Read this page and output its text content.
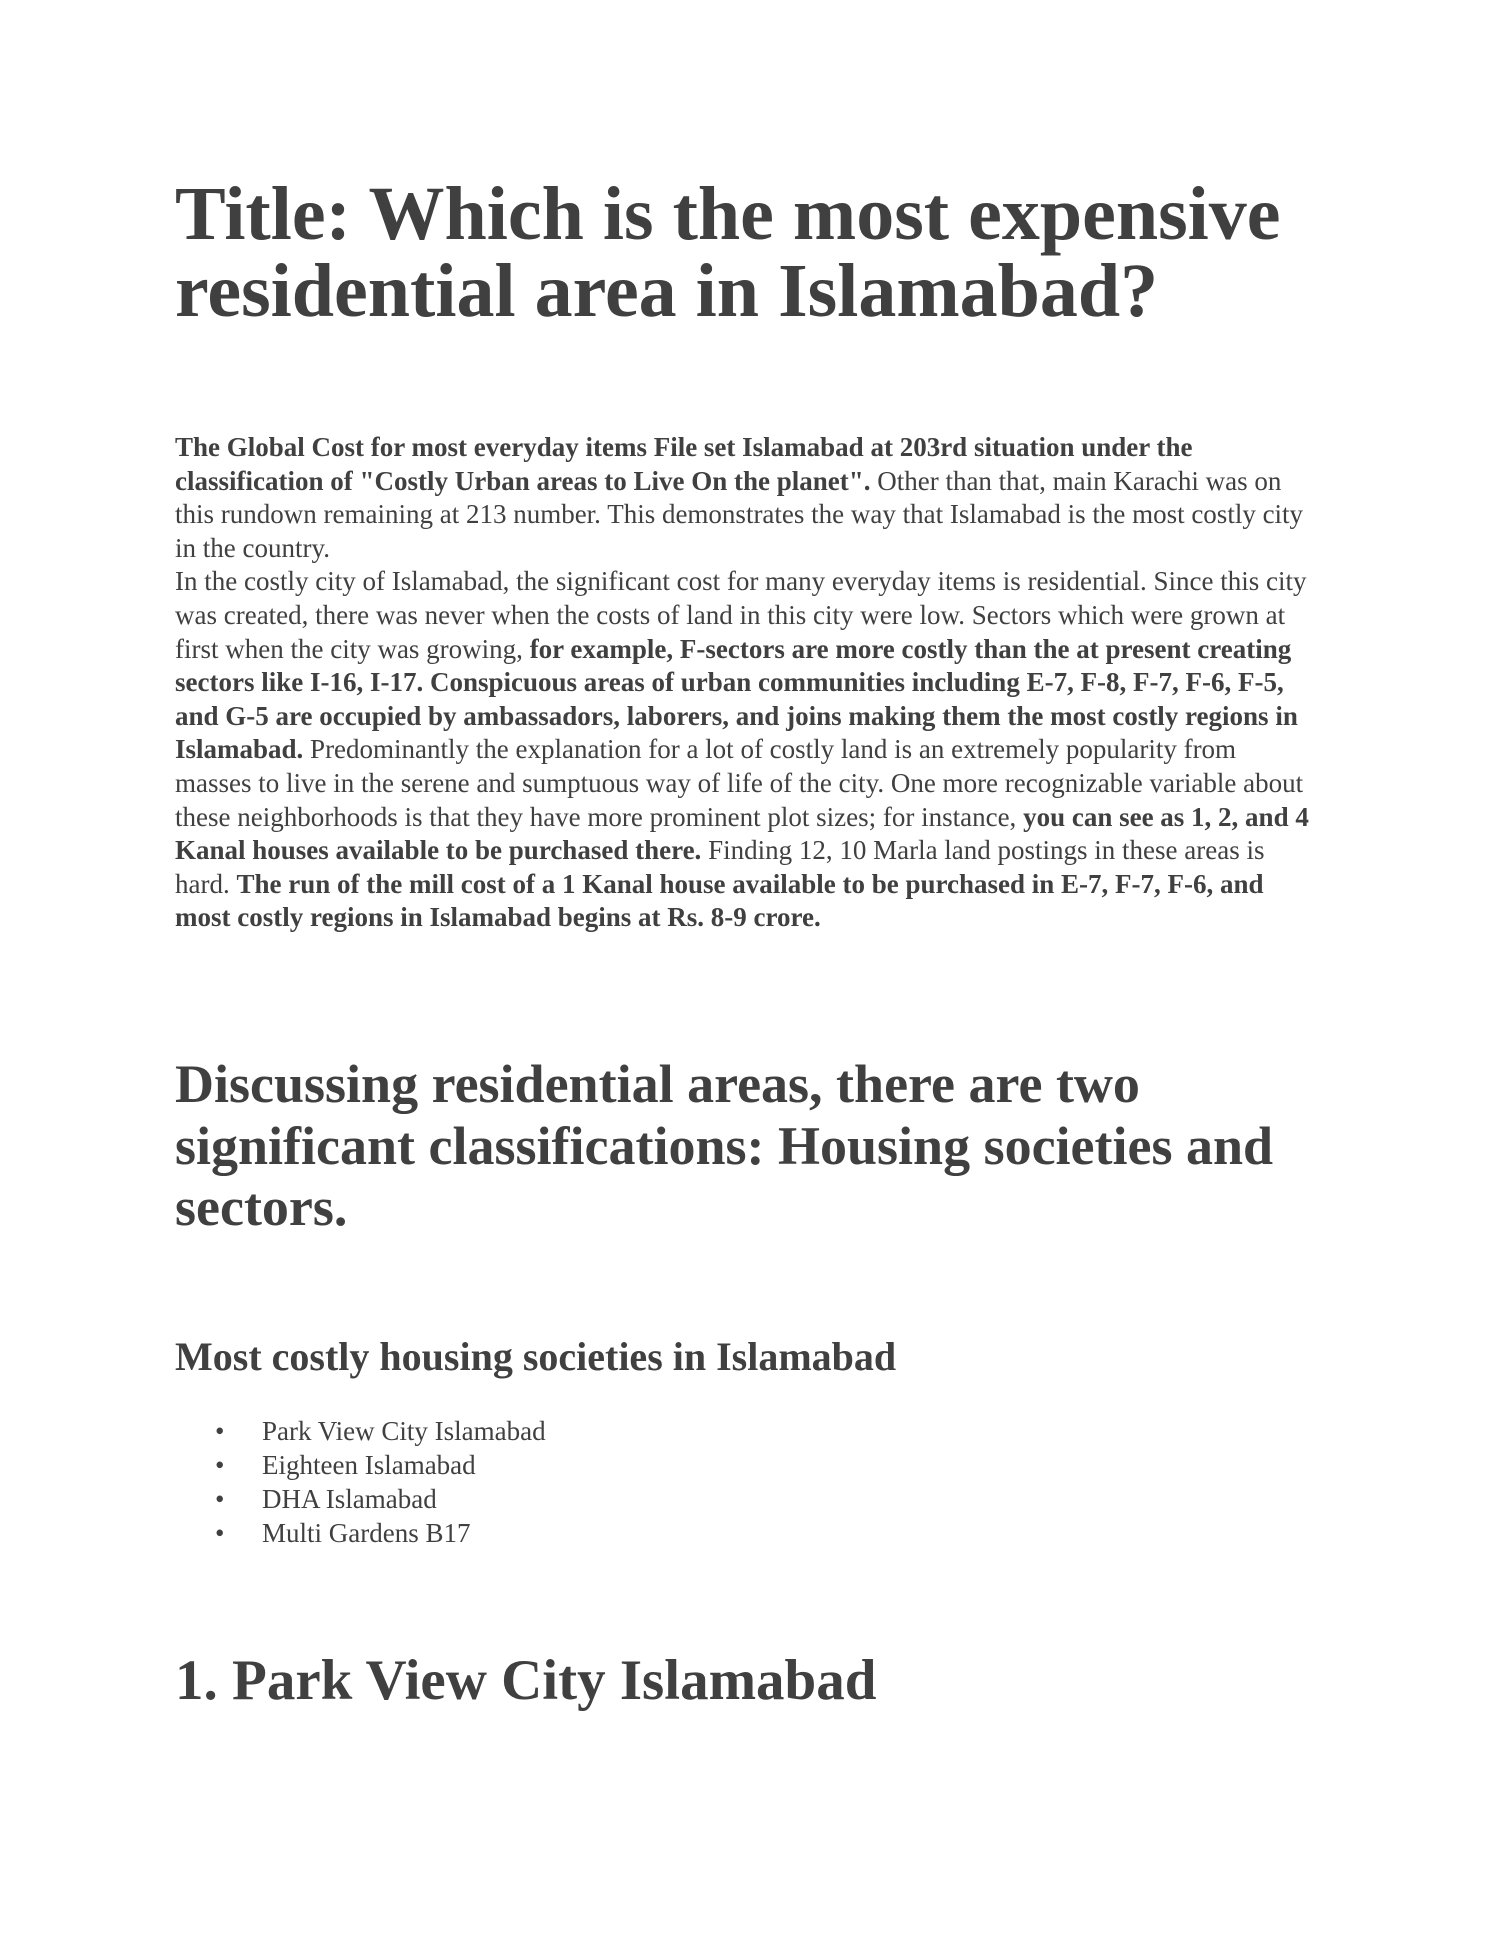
Title: Which is the most expensive residential area in Islamabad?

The Global Cost for most everyday items File set Islamabad at 203rd situation under the classification of "Costly Urban areas to Live On the planet". Other than that, main Karachi was on this rundown remaining at 213 number. This demonstrates the way that Islamabad is the most costly city in the country.

In the costly city of Islamabad, the significant cost for many everyday items is residential. Since this city was created, there was never when the costs of land in this city were low. Sectors which were grown at first when the city was growing, for example, F-sectors are more costly than the at present creating sectors like I-16, I-17. Conspicuous areas of urban communities including E-7, F-8, F-7, F-6, F-5, and G-5 are occupied by ambassadors, laborers, and joins making them the most costly regions in Islamabad. Predominantly the explanation for a lot of costly land is an extremely popularity from masses to live in the serene and sumptuous way of life of the city. One more recognizable variable about these neighborhoods is that they have more prominent plot sizes; for instance, you can see as 1, 2, and 4 Kanal houses available to be purchased there. Finding 12, 10 Marla land postings in these areas is hard. The run of the mill cost of a 1 Kanal house available to be purchased in E-7, F-7, F-6, and most costly regions in Islamabad begins at Rs. 8-9 crore.

Discussing residential areas, there are two significant classifications: Housing societies and sectors.
Most costly housing societies in Islamabad
• Park View City Islamabad
• Eighteen Islamabad
• DHA Islamabad
• Multi Gardens B17
1. Park View City Islamabad
